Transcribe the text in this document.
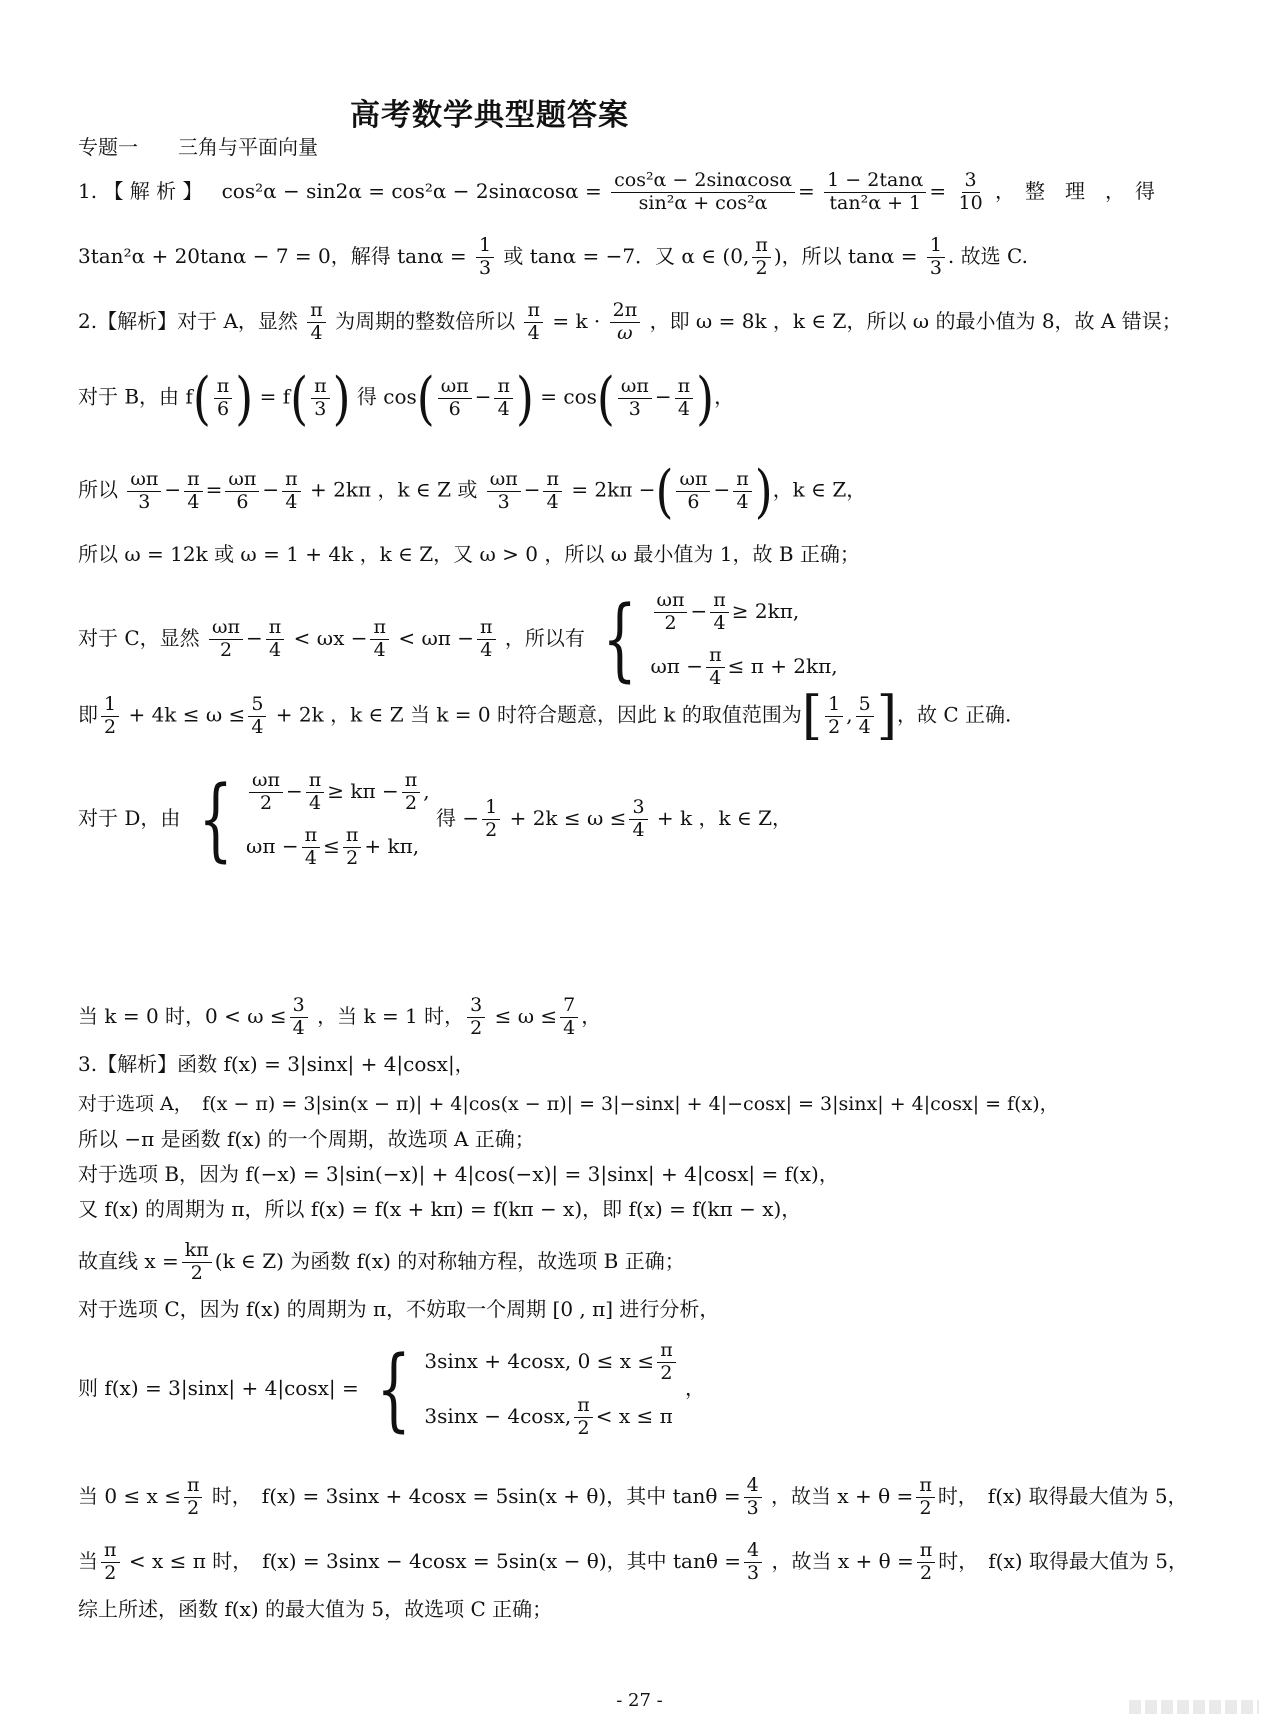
高考数学典型题答案
专题一　　三角与平面向量
1. 【 解 析 】 $\cos^2\alpha - \sin 2\alpha = \cos^2\alpha - 2\sin\alpha\cos\alpha = \frac{\text{cos²α − 2sinαcosα}}{\text{sin²α + cos²α}} = \frac{1 - 2\tan\alpha}{\text{tan²α + 1}} = \frac{3}{10}$ ，　整　理　，　得
3tan²α + 20tanα − 7 = 0，解得 $\tan\alpha = \frac{1}{3}$ 或 tanα = −7．又 α ∈ (0, $\frac{\pi}{2}$ )，所以 $\tan\alpha = \frac{1}{3}$ . 故选 C.
2.【解析】对于 A，显然 $\frac{\pi}{4}$ 为周期的整数倍所以 $\frac{\pi}{4} = k \cdot \frac{2\pi}{\omega}$ ，即 ω = 8k ，k ∈ Z，所以 ω 的最小值为 8，故 A 错误；
对于 B，由 $f( \frac{\pi}{6}$ ) = $f( \frac{\pi}{3}$ ) 得 $\cos( \frac{\omega\pi}{6} - \frac{\pi}{4}$ ) = $\cos( \frac{\omega\pi}{3} - \frac{\pi}{4}$ )，
所以 $\frac{\omega\pi}{3} - \frac{\pi}{4} = \frac{\omega\pi}{6} - \frac{\pi}{4} + 2k\pi$ ，k ∈ Z 或 $\frac{\omega\pi}{3} - \frac{\pi}{4} = 2k\pi$ −( $\frac{\omega\pi}{6} - \frac{\pi}{4}$ )，k ∈ Z，
所以 ω = 12k 或 ω = 1 + 4k ，k ∈ Z，又 ω > 0 ，所以 ω 最小值为 1，故 B 正确；
对于 C，显然 $\frac{\omega\pi}{2} - \frac{\pi}{4} < \omega x - \frac{\pi}{4} < \omega\pi - \frac{\pi}{4}$ ，所以有 { $\frac{\omega\pi}{2} - \frac{\pi}{4} \ge 2k\pi$,
$\omega\pi - \frac{\pi}{4} \le \pi + 2k\pi$,
即 $\frac{1}{2} + 4k \le \omega \le \frac{5}{4} + 2k$ ，k ∈ Z 当 k = 0 时符合题意，因此 k 的取值范围为[ $\frac{1}{2}$ , $\frac{5}{4}$ ]，故 C 正确.
对于 D，由 { $\frac{\omega\pi}{2} - \frac{\pi}{4} \ge k\pi - \frac{\pi}{2}$ ,
$\omega\pi - \frac{\pi}{4} \le \frac{\pi}{2} + k\pi$,
得 − $\frac{1}{2} + 2k \le \omega \le \frac{3}{4} + k$ ，k ∈ Z，
当 k = 0 时，$0 < \omega \le \frac{3}{4}$ ，当 k = 1 时， $\frac{3}{2} \le \omega \le \frac{7}{4}$ ，
3.【解析】函数 f(x) = 3|sinx| + 4|cosx|，
对于选项 A，　f(x − π) = 3|sin(x − π)| + 4|cos(x − π)| = 3|−sinx| + 4|−cosx| = 3|sinx| + 4|cosx| = f(x)，
所以 −π 是函数 f(x) 的一个周期，故选项 A 正确；
对于选项 B，因为 f(−x) = 3|sin(−x)| + 4|cos(−x)| = 3|sinx| + 4|cosx| = f(x)，
又 f(x) 的周期为 π，所以 f(x) = f(x + kπ) = f(kπ − x)，即 f(x) = f(kπ − x)，
故直线 $x = \frac{k\pi}{2} (k$ ∈ Z) 为函数 f(x) 的对称轴方程，故选项 B 正确；
对于选项 C，因为 f(x) 的周期为 π，不妨取一个周期 [0 , π] 进行分析，
则 f(x) = 3|sinx| + 4|cosx| = { 3sinx + 4cosx, $0 \le x \le \frac{\pi}{2}$
3sinx − 4cosx, $\frac{\pi}{2} < x \le \pi$
，
当 $0 \le x \le \frac{\pi}{2}$ 时，　f(x) = 3sinx + 4cosx = 5sin(x + θ)，其中 $\tan\theta = \frac{4}{3}$ ，故当 $x + \theta = \frac{\pi}{2}$ 时，　f(x) 取得最大值为 5，
当 $\frac{\pi}{2} < x \le \pi$ 时，　f(x) = 3sinx − 4cosx = 5sin(x − θ)，其中 $\tan\theta = \frac{4}{3}$ ，故当 $x + \theta = \frac{\pi}{2}$ 时，　f(x) 取得最大值为 5，
综上所述，函数 f(x) 的最大值为 5，故选项 C 正确；
- 27 -
